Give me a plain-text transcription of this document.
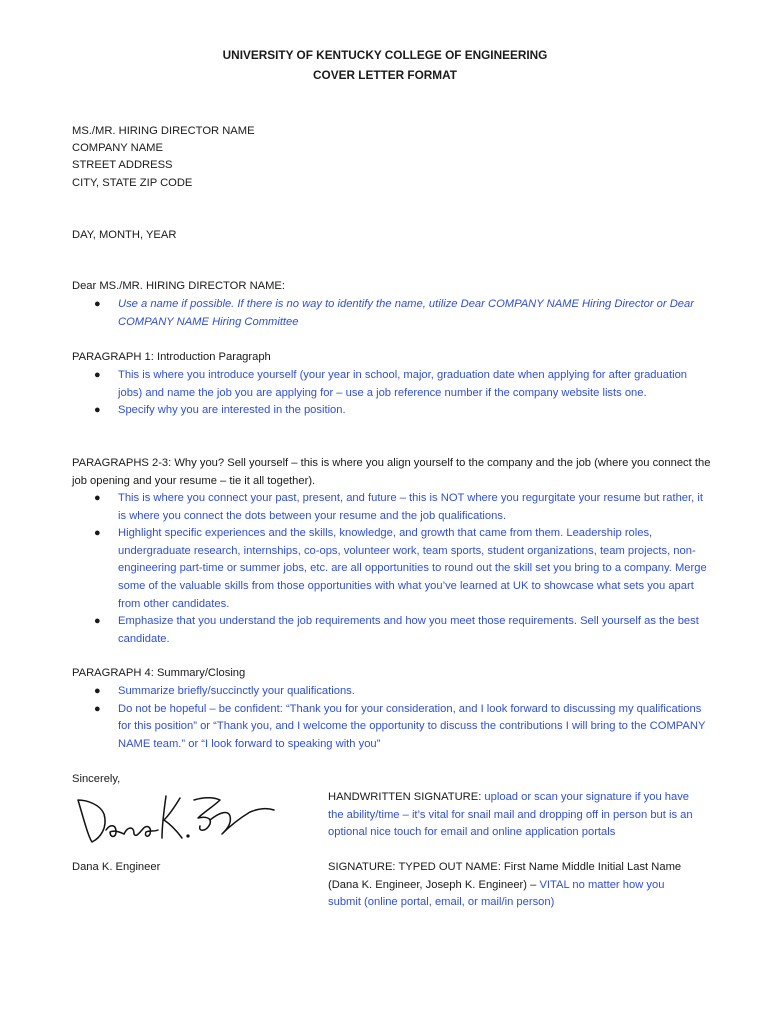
UNIVERSITY OF KENTUCKY COLLEGE OF ENGINEERING
COVER LETTER FORMAT
MS./MR. HIRING DIRECTOR NAME
COMPANY NAME
STREET ADDRESS
CITY, STATE ZIP CODE
DAY, MONTH, YEAR
Dear MS./MR. HIRING DIRECTOR NAME:
● Use a name if possible. If there is no way to identify the name, utilize Dear COMPANY NAME Hiring Director or Dear COMPANY NAME Hiring Committee
PARAGRAPH 1: Introduction Paragraph
● This is where you introduce yourself (your year in school, major, graduation date when applying for after graduation jobs) and name the job you are applying for – use a job reference number if the company website lists one.
● Specify why you are interested in the position.
PARAGRAPHS 2-3: Why you? Sell yourself – this is where you align yourself to the company and the job (where you connect the job opening and your resume – tie it all together).
● This is where you connect your past, present, and future – this is NOT where you regurgitate your resume but rather, it is where you connect the dots between your resume and the job qualifications.
● Highlight specific experiences and the skills, knowledge, and growth that came from them. Leadership roles, undergraduate research, internships, co-ops, volunteer work, team sports, student organizations, team projects, non-engineering part-time or summer jobs, etc. are all opportunities to round out the skill set you bring to a company. Merge some of the valuable skills from those opportunities with what you’ve learned at UK to showcase what sets you apart from other candidates.
● Emphasize that you understand the job requirements and how you meet those requirements. Sell yourself as the best candidate.
PARAGRAPH 4: Summary/Closing
● Summarize briefly/succinctly your qualifications.
● Do not be hopeful – be confident: “Thank you for your consideration, and I look forward to discussing my qualifications for this position” or “Thank you, and I welcome the opportunity to discuss the contributions I will bring to the COMPANY NAME team.” or “I look forward to speaking with you”
Sincerely,
Dana K. Engineer
HANDWRITTEN SIGNATURE: upload or scan your signature if you have the ability/time – it’s vital for snail mail and dropping off in person but is an optional nice touch for email and online application portals
SIGNATURE: TYPED OUT NAME: First Name Middle Initial Last Name (Dana K. Engineer, Joseph K. Engineer) – VITAL no matter how you submit (online portal, email, or mail/in person)
